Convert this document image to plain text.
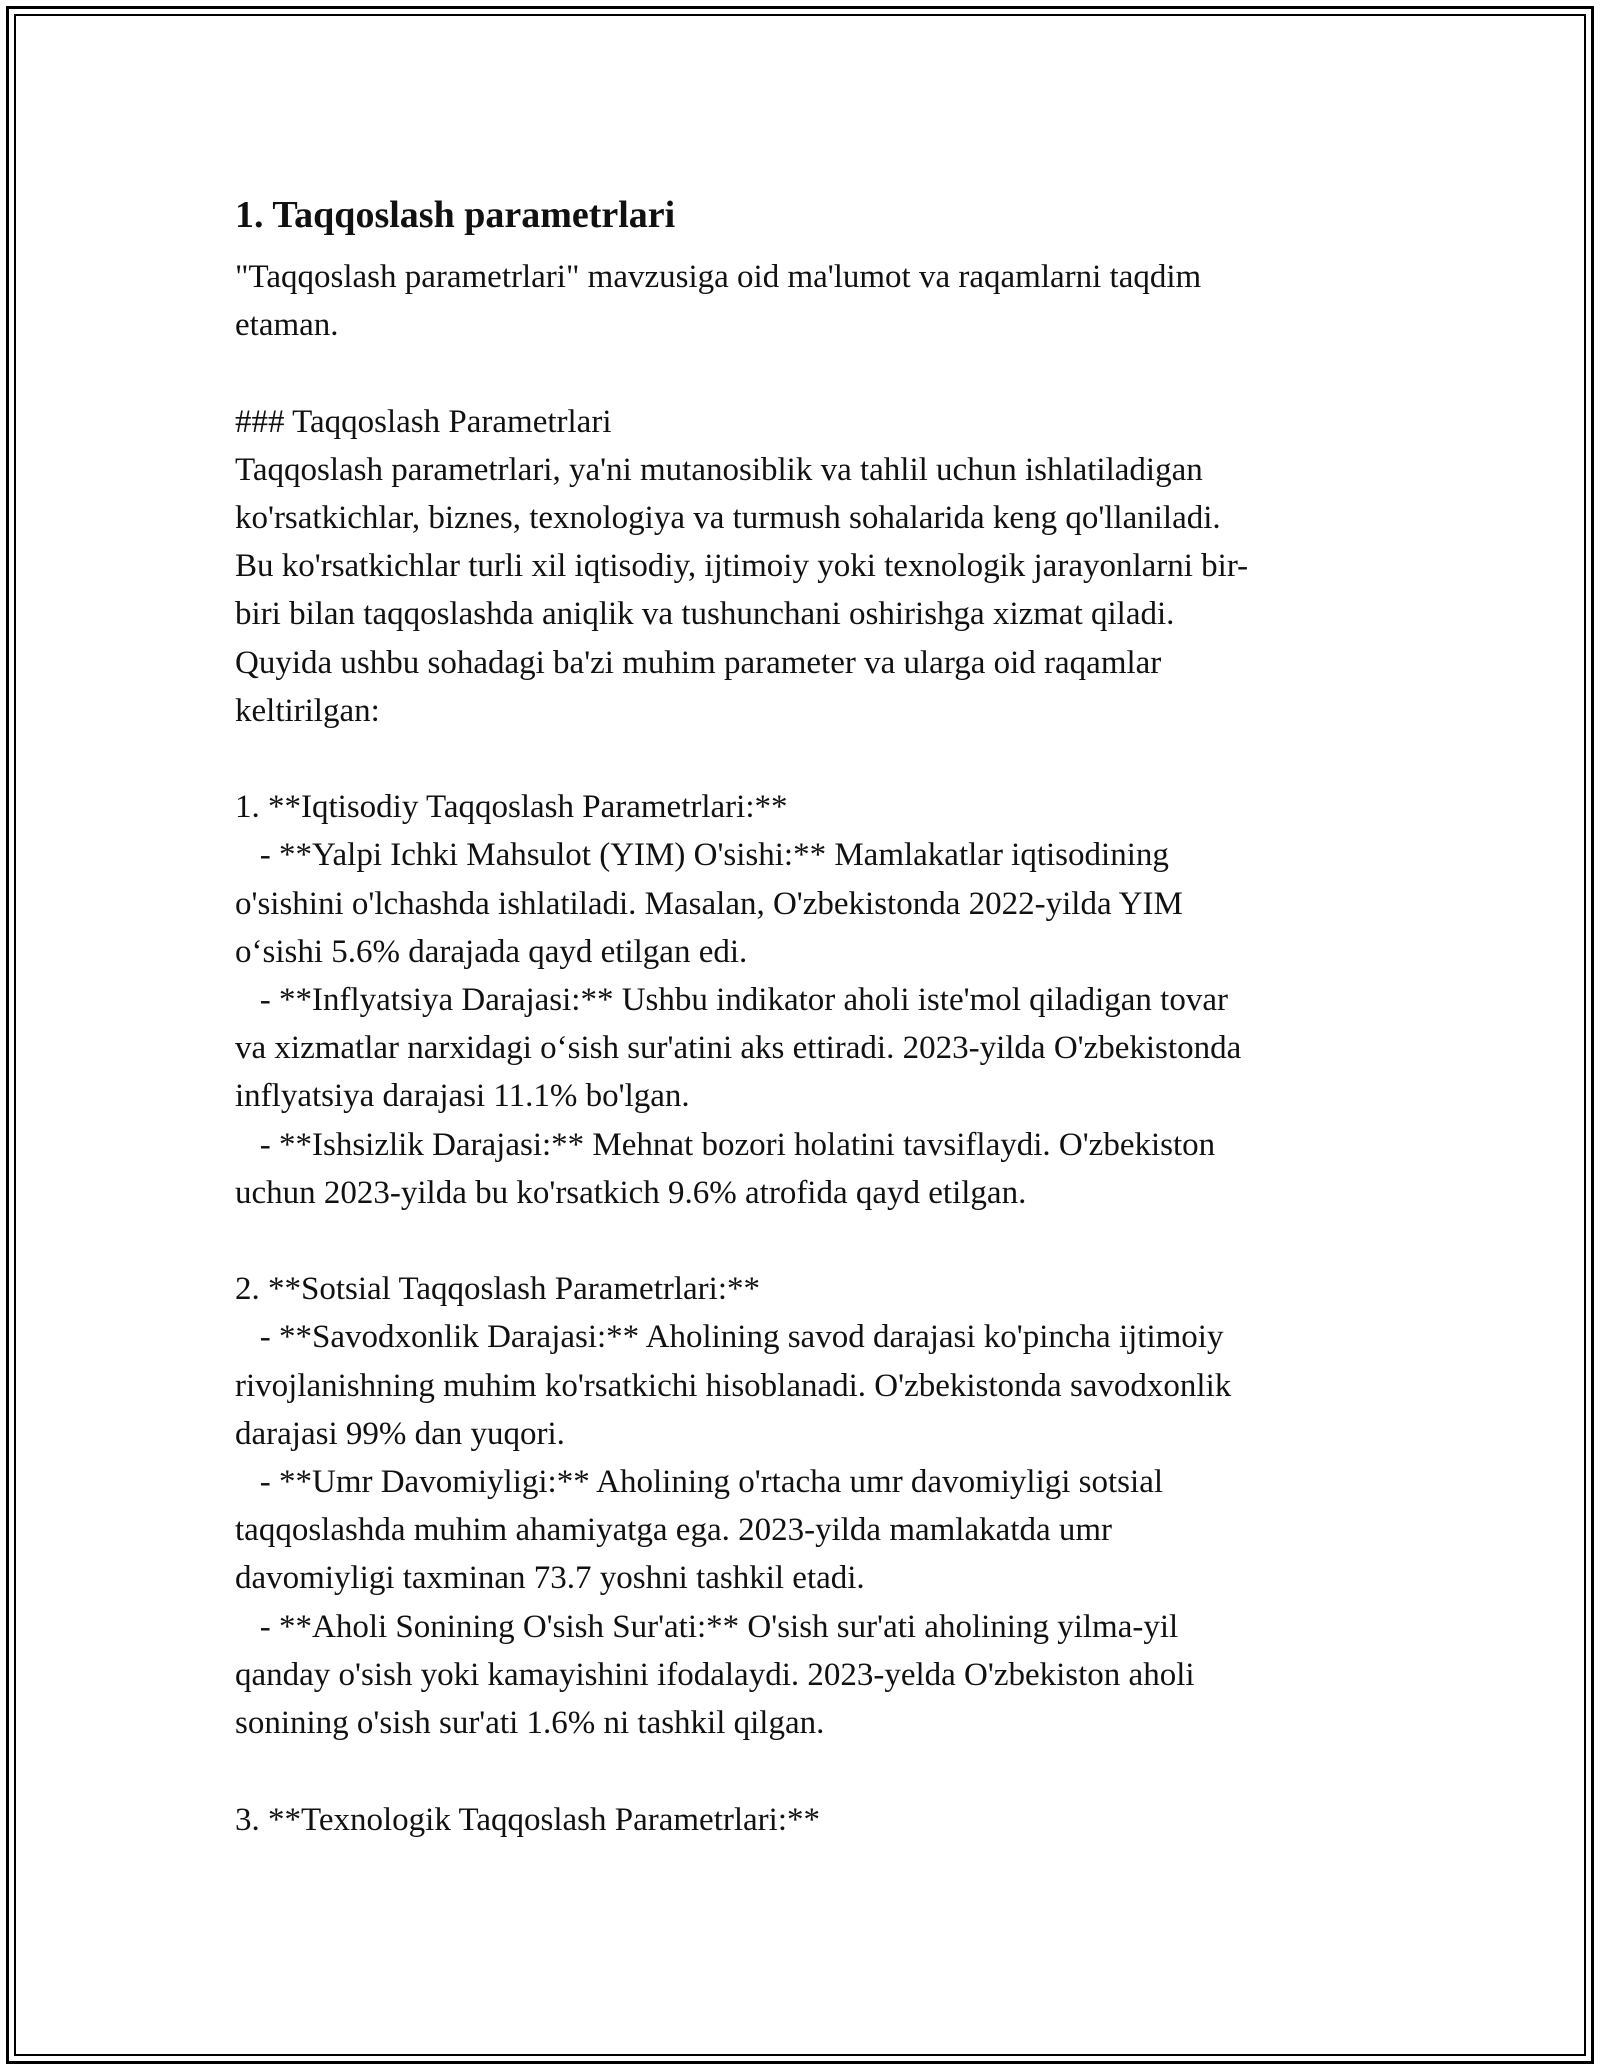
1. Taqqoslash parametrlari

"Taqqoslash parametrlari" mavzusiga oid ma'lumot va raqamlarni taqdim
etaman.

### Taqqoslash Parametrlari
Taqqoslash parametrlari, ya'ni mutanosiblik va tahlil uchun ishlatiladigan
ko'rsatkichlar, biznes, texnologiya va turmush sohalarida keng qo'llaniladi.
Bu ko'rsatkichlar turli xil iqtisodiy, ijtimoiy yoki texnologik jarayonlarni bir-
biri bilan taqqoslashda aniqlik va tushunchani oshirishga xizmat qiladi.
Quyida ushbu sohadagi ba'zi muhim parameter va ularga oid raqamlar
keltirilgan:

1. **Iqtisodiy Taqqoslash Parametrlari:**
- **Yalpi Ichki Mahsulot (YIM) O'sishi:** Mamlakatlar iqtisodining
o'sishini o'lchashda ishlatiladi. Masalan, O'zbekistonda 2022-yilda YIM
o‘sishi 5.6% darajada qayd etilgan edi.
- **Inflyatsiya Darajasi:** Ushbu indikator aholi iste'mol qiladigan tovar
va xizmatlar narxidagi o‘sish sur'atini aks ettiradi. 2023-yilda O'zbekistonda
inflyatsiya darajasi 11.1% bo'lgan.
- **Ishsizlik Darajasi:** Mehnat bozori holatini tavsiflaydi. O'zbekiston
uchun 2023-yilda bu ko'rsatkich 9.6% atrofida qayd etilgan.

2. **Sotsial Taqqoslash Parametrlari:**
- **Savodxonlik Darajasi:** Aholining savod darajasi ko'pincha ijtimoiy
rivojlanishning muhim ko'rsatkichi hisoblanadi. O'zbekistonda savodxonlik
darajasi 99% dan yuqori.
- **Umr Davomiyligi:** Aholining o'rtacha umr davomiyligi sotsial
taqqoslashda muhim ahamiyatga ega. 2023-yilda mamlakatda umr
davomiyligi taxminan 73.7 yoshni tashkil etadi.
- **Aholi Sonining O'sish Sur'ati:** O'sish sur'ati aholining yilma-yil
qanday o'sish yoki kamayishini ifodalaydi. 2023-yelda O'zbekiston aholi
sonining o'sish sur'ati 1.6% ni tashkil qilgan.

3. **Texnologik Taqqoslash Parametrlari:**
